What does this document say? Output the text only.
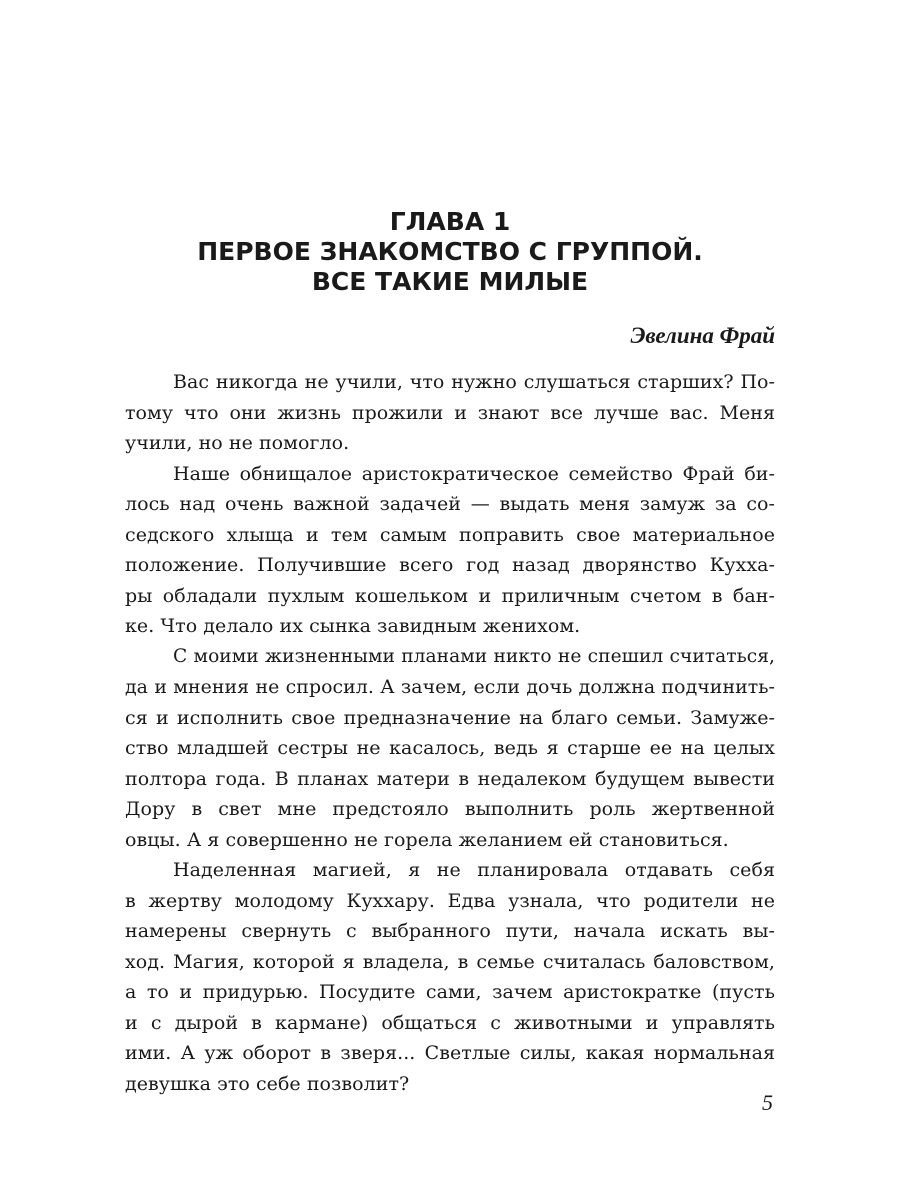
ГЛАВА 1
ПЕРВОЕ ЗНАКОМСТВО С ГРУППОЙ.
ВСЕ ТАКИЕ МИЛЫЕ
Эвелина Фрай
Вас никогда не учили, что нужно слушаться старших? По-
тому что они жизнь прожили и знают все лучше вас. Меня
учили, но не помогло.
Наше обнищалое аристократическое семейство Фрай би-
лось над очень важной задачей — выдать меня замуж за со-
седского хлыща и тем самым поправить свое материальное
положение. Получившие всего год назад дворянство Кухха-
ры обладали пухлым кошельком и приличным счетом в бан-
ке. Что делало их сынка завидным женихом.
С моими жизненными планами никто не спешил считаться,
да и мнения не спросил. А зачем, если дочь должна подчинить-
ся и исполнить свое предназначение на благо семьи. Замуже-
ство младшей сестры не касалось, ведь я старше ее на целых
полтора года. В планах матери в недалеком будущем вывести
Дору в свет мне предстояло выполнить роль жертвенной
овцы. А я совершенно не горела желанием ей становиться.
Наделенная магией, я не планировала отдавать себя
в жертву молодому Куххару. Едва узнала, что родители не
намерены свернуть с выбранного пути, начала искать вы-
ход. Магия, которой я владела, в семье считалась баловством,
а то и придурью. Посудите сами, зачем аристократке (пусть
и с дырой в кармане) общаться с животными и управлять
ими. А уж оборот в зверя... Светлые силы, какая нормальная
девушка это себе позволит?
5
